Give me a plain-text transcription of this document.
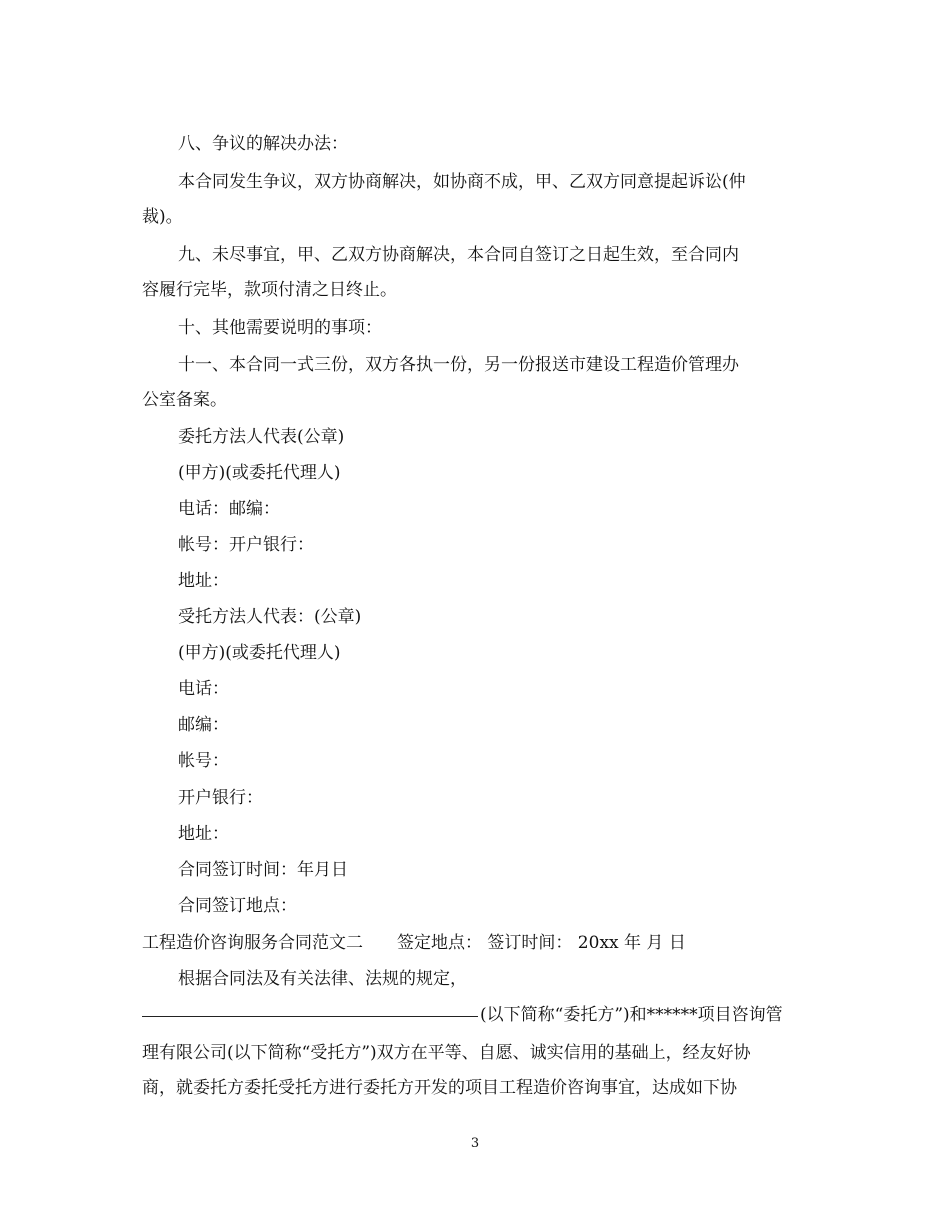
八、争议的解决办法：
本合同发生争议，双方协商解决，如协商不成，甲、乙双方同意提起诉讼(仲
裁)。
九、未尽事宜，甲、乙双方协商解决，本合同自签订之日起生效，至合同内
容履行完毕，款项付清之日终止。
十、其他需要说明的事项：
十一、本合同一式三份，双方各执一份，另一份报送市建设工程造价管理办
公室备案。
委托方法人代表(公章)
(甲方)(或委托代理人)
电话：邮编：
帐号：开户银行：
地址：
受托方法人代表：(公章)
(甲方)(或委托代理人)
电话：
邮编：
帐号：
开户银行：
地址：
合同签订时间：年月日
合同签订地点：
工程造价咨询服务合同范文二　　签定地点： 签订时间： 20xx 年 月 日
根据合同法及有关法律、法规的规定，
(以下简称“委托方”)和******项目咨询管
理有限公司(以下简称“受托方”)双方在平等、自愿、诚实信用的基础上，经友好协
商，就委托方委托受托方进行委托方开发的项目工程造价咨询事宜，达成如下协
3
